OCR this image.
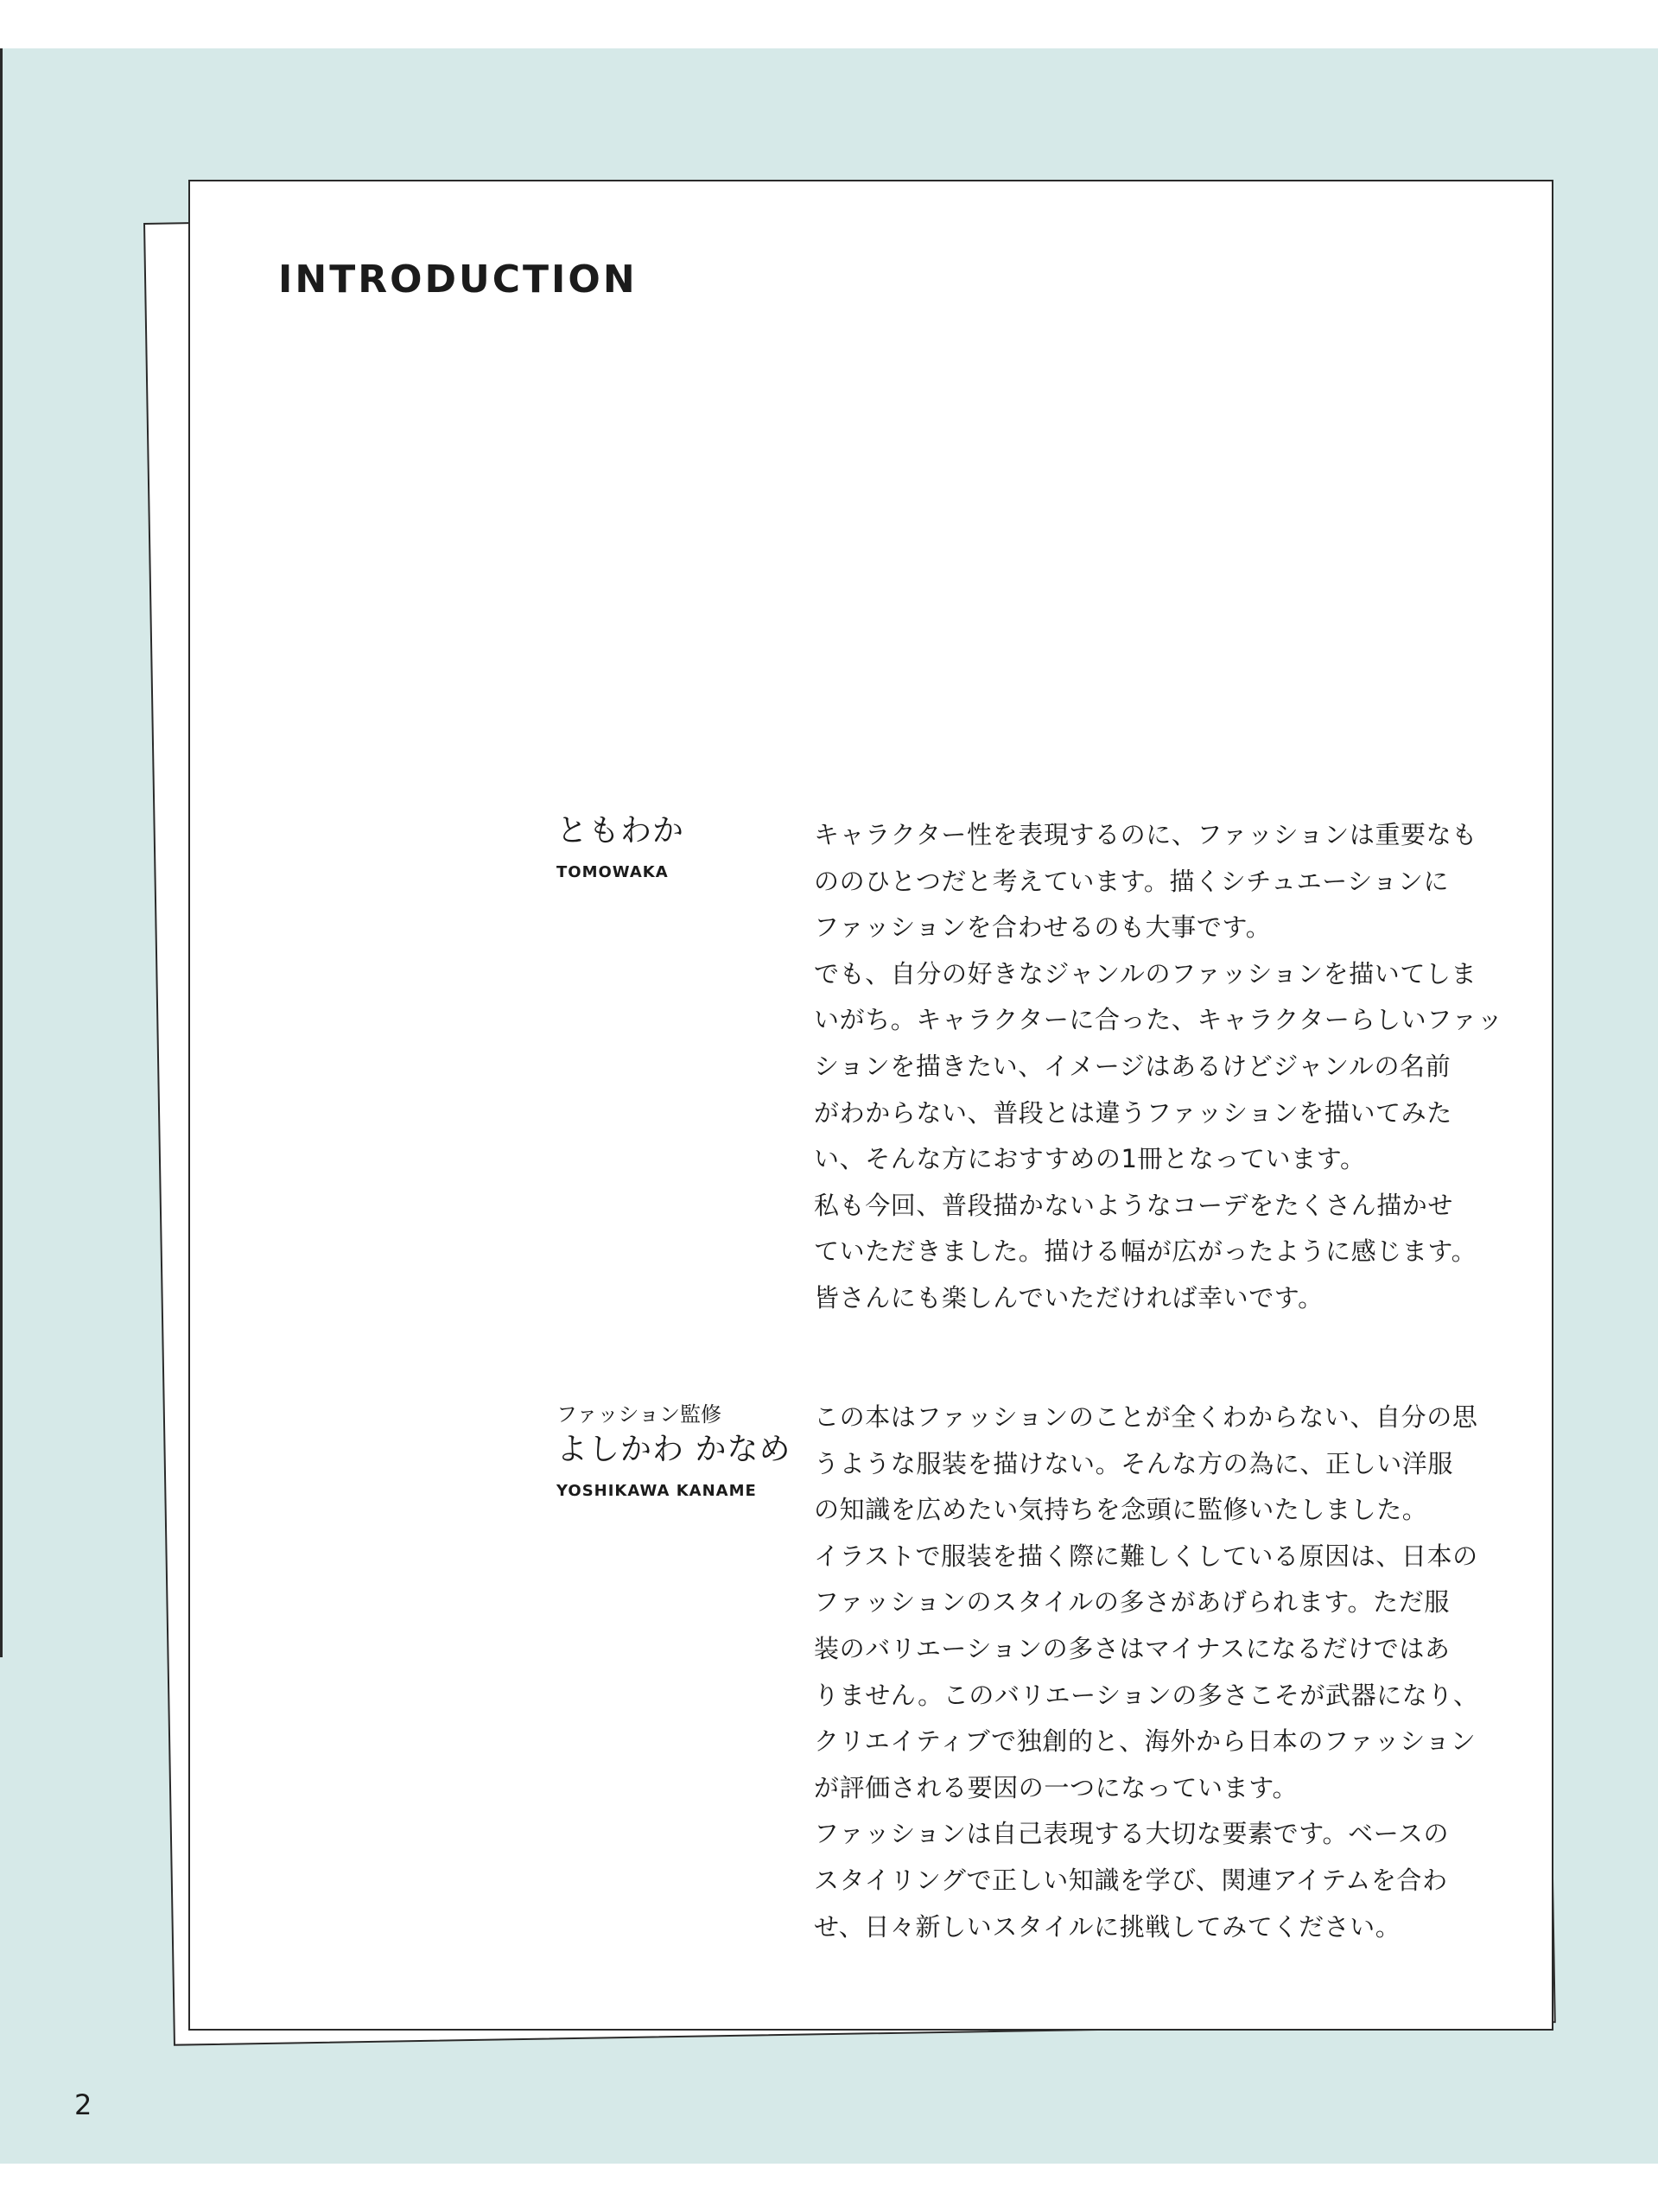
INTRODUCTION
ともわか
TOMOWAKA
キャラクター性を表現するのに、ファッションは重要なも
ののひとつだと考えています。描くシチュエーションに
ファッションを合わせるのも大事です。
でも、自分の好きなジャンルのファッションを描いてしま
いがち。キャラクターに合った、キャラクターらしいファッ
ションを描きたい、イメージはあるけどジャンルの名前
がわからない、普段とは違うファッションを描いてみた
い、そんな方におすすめの1冊となっています。
私も今回、普段描かないようなコーデをたくさん描かせ
ていただきました。描ける幅が広がったように感じます。
皆さんにも楽しんでいただければ幸いです。
ファッション監修
よしかわ かなめ
YOSHIKAWA KANAME
この本はファッションのことが全くわからない、自分の思
うような服装を描けない。そんな方の為に、正しい洋服
の知識を広めたい気持ちを念頭に監修いたしました。
イラストで服装を描く際に難しくしている原因は、日本の
ファッションのスタイルの多さがあげられます。ただ服
装のバリエーションの多さはマイナスになるだけではあ
りません。このバリエーションの多さこそが武器になり、
クリエイティブで独創的と、海外から日本のファッション
が評価される要因の一つになっています。
ファッションは自己表現する大切な要素です。ベースの
スタイリングで正しい知識を学び、関連アイテムを合わ
せ、日々新しいスタイルに挑戦してみてください。
2
